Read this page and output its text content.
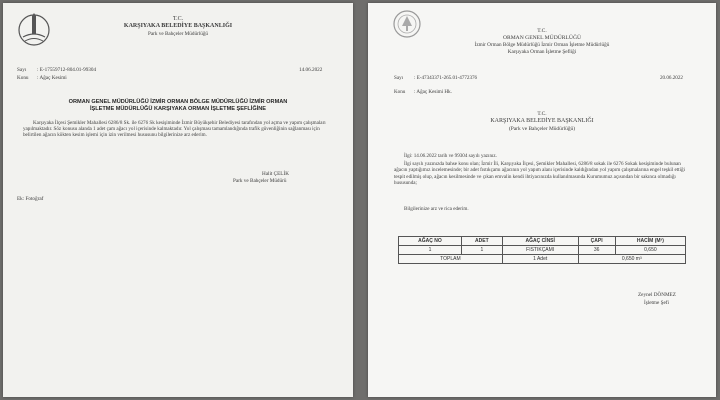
T.C.
KARŞIYAKA BELEDİYE BAŞKANLIĞI
Park ve Bahçeler Müdürlüğü
Sayı : E-17559712-804.01-99304	14.06.2022
Konu : Ağaç Kesimi
ORMAN GENEL MÜDÜRLÜĞÜ İZMİR ORMAN BÖLGE MÜDÜRLÜĞÜ İZMİR ORMAN
İŞLETME MÜDÜRLÜĞÜ KARŞIYAKA ORMAN İŞLETME ŞEFLİĞİNE
Karşıyaka İlçesi Şemikler Mahallesi 6286/8 Sk. ile 6276 Sk kesişiminde İzmir Büyükşehir Belediyesi tarafından yol açma ve yapım çalışmaları yapılmaktadır. Söz konusu alanda 1 adet çam ağacı yol içerisinde kalmaktadır. Yol çalışması tamamlandığında trafik güvenliğinin sağlanması için belirtilen ağacın kökten kesim işlemi için izin verilmesi hususunu bilgilerinize arz ederim.
Halit ÇELİK
Park ve Bahçeler Müdürü
Ek: Fotoğraf
T.C.
ORMAN GENEL MÜDÜRLÜĞÜ
İzmir Orman Bölge Müdürlüğü İzmir Orman İşletme Müdürlüğü
Karşıyaka Orman İşletme Şefliği
Sayı : E-47343371-265.01-4772376	20.06.2022
Konu : Ağaç Kesimi Hk.
T.C.
KARŞIYAKA BELEDİYE BAŞKANLIĞI
(Park ve Bahçeler Müdürlüğü)
İlgi: 14.06.2022 tarih ve 99304 sayılı yazınız.
İlgi sayılı yazınızda bahse konu olan; İzmir İli, Karşıyaka İlçesi, Şemikler Mahallesi, 6286/8 sokak ile 6276 Sokak kesişiminde bulunan ağacın yaptığımız incelemesinde; bir adet fıstıkçamı ağacının yol yapım alanı içerisinde kaldığından yol yapım çalışmalarına engel teşkil ettiği tespit edilmiş olup, ağacın kesilmesinde ve çıkan emvalin kendi ihtiyacınızda kullanılmasında Kurumumuz açısından bir sakınca olmadığı hususunda;
Bilgilerinize arz ve rica ederim.
AĞAÇ NO	ADET	AĞAÇ CİNSİ	ÇAPI	HACİM (M³)
1	1	FISTIKÇAMI	36	0,650
TOPLAM		1 Adet	0,650 m³	
Zeynel DÖNMEZ
İşletme Şefi
